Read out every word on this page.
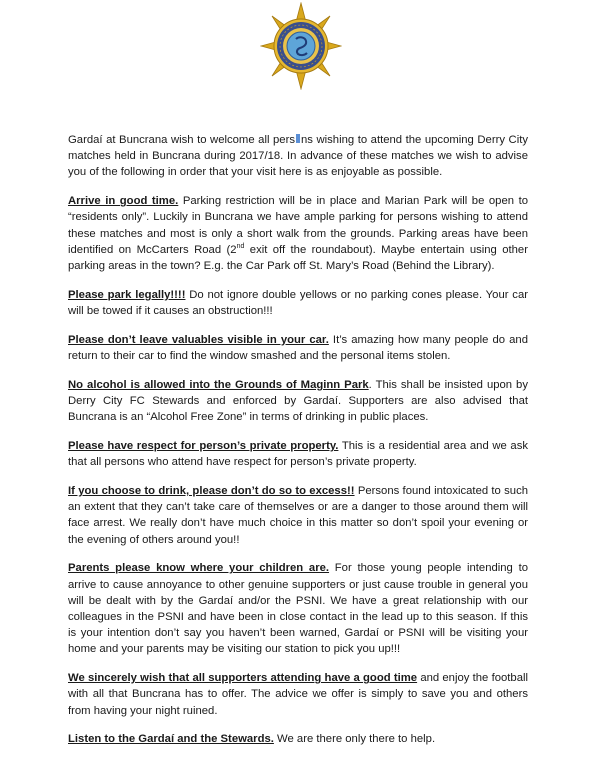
Gardaí at Buncrana wish to welcome all pers ns wishing to attend the upcoming Derry City matches held in Buncrana during 2017/18. In advance of these matches we wish to advise you of the following in order that your visit here is as enjoyable as possible.

Arrive in good time. Parking restriction will be in place and Marian Park will be open to “residents only”. Luckily in Buncrana we have ample parking for persons wishing to attend these matches and most is only a short walk from the grounds. Parking areas have been identified on McCarters Road (2nd exit off the roundabout). Maybe entertain using other parking areas in the town? E.g. the Car Park off St. Mary’s Road (Behind the Library).

Please park legally!!!! Do not ignore double yellows or no parking cones please. Your car will be towed if it causes an obstruction!!!

Please don’t leave valuables visible in your car. It’s amazing how many people do and return to their car to find the window smashed and the personal items stolen.

No alcohol is allowed into the Grounds of Maginn Park. This shall be insisted upon by Derry City FC Stewards and enforced by Gardaí. Supporters are also advised that Buncrana is an “Alcohol Free Zone” in terms of drinking in public places.

Please have respect for person’s private property. This is a residential area and we ask that all persons who attend have respect for person’s private property.

If you choose to drink, please don’t do so to excess!! Persons found intoxicated to such an extent that they can’t take care of themselves or are a danger to those around them will face arrest. We really don’t have much choice in this matter so don’t spoil your evening or the evening of others around you!!

Parents please know where your children are. For those young people intending to arrive to cause annoyance to other genuine supporters or just cause trouble in general you will be dealt with by the Gardaí and/or the PSNI. We have a great relationship with our colleagues in the PSNI and have been in close contact in the lead up to this season. If this is your intention don’t say you haven’t been warned, Gardaí or PSNI will be visiting your home and your parents may be visiting our station to pick you up!!!

We sincerely wish that all supporters attending have a good time and enjoy the football with all that Buncrana has to offer. The advice we offer is simply to save you and others from having your night ruined.

Listen to the Gardaí and the Stewards. We are there only there to help.
